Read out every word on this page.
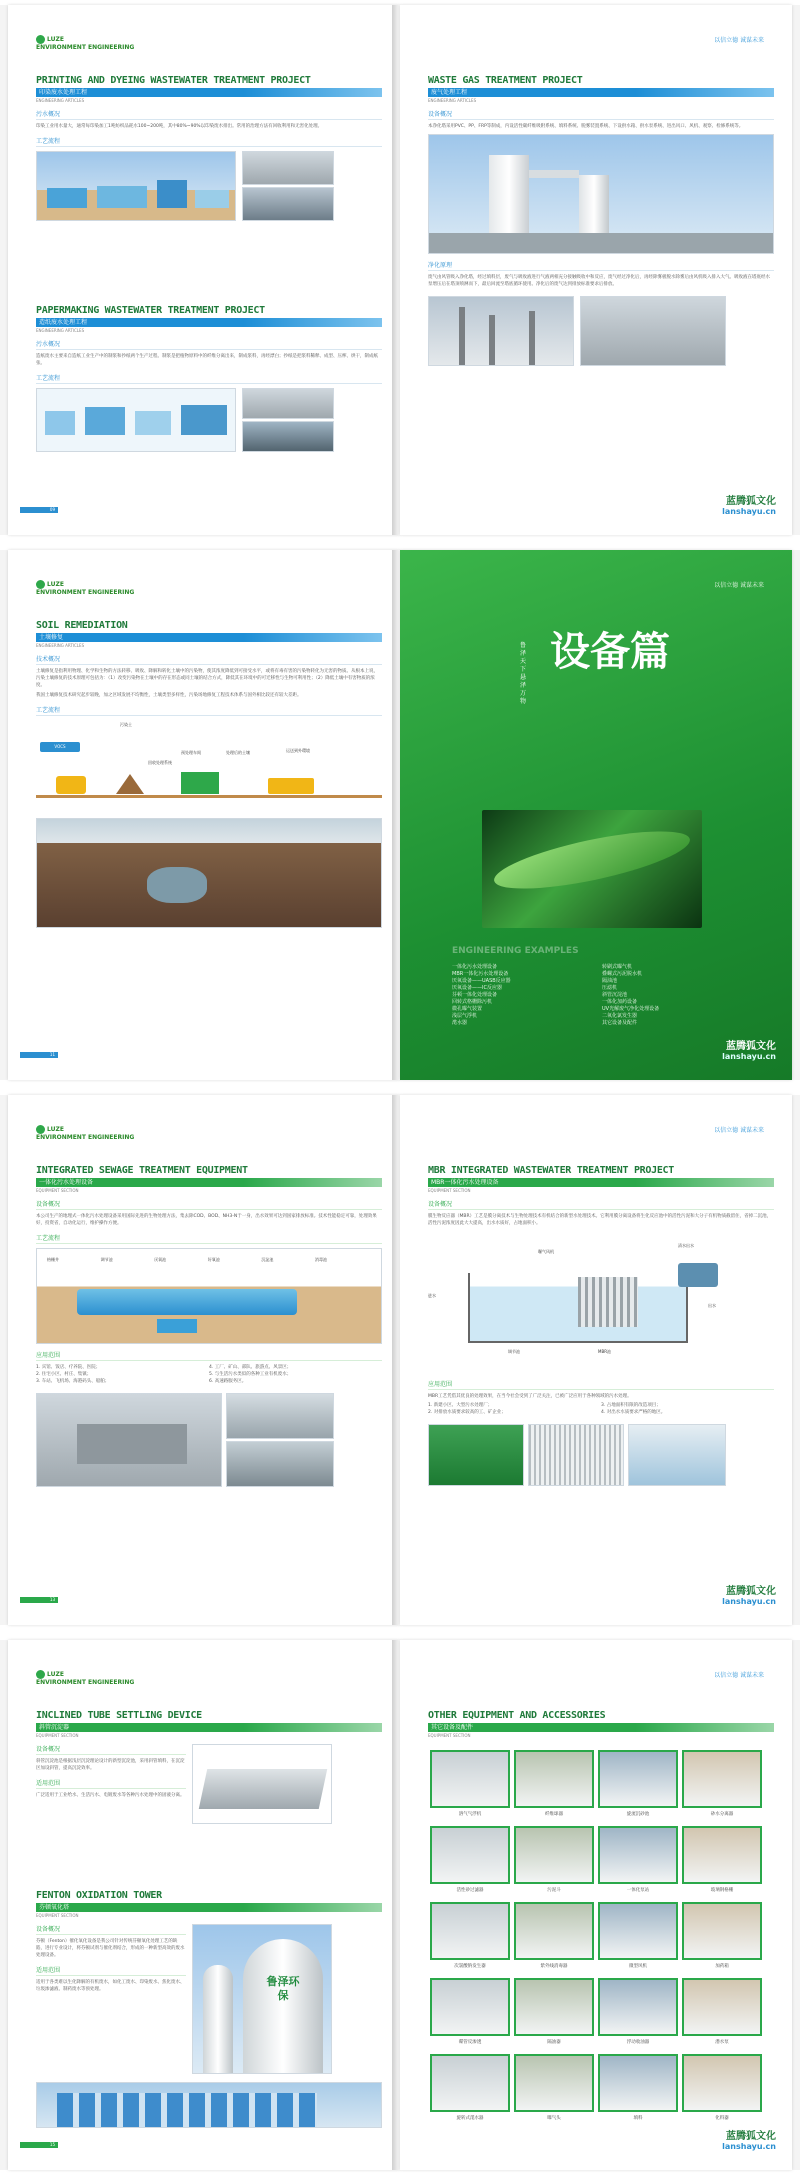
LUZE
ENVIRONMENT ENGINEERING
PRINTING AND DYEING WASTEWATER TREATMENT PROJECT
印染废水处理工程
ENGINEERING ARTICLES
污水概况
印染工业用水量大，通常每印染加工1吨纺织品耗水100~200吨，其中80%~90%以印染废水排出。常用的治理方法有回收利用和无害化处理。
工艺流程
PAPERMAKING WASTEWATER TREATMENT PROJECT
造纸废水处理工程
ENGINEERING ARTICLES
污水概况
造纸废水主要来自造纸工业生产中的制浆和抄纸两个生产过程。制浆是把植物原料中的纤维分离出来，制成浆料，再经漂白；抄纸是把浆料稀释、成型、压榨、烘干，制成纸张。
工艺流程
09
以信立德 诚谋未来
WASTE GAS TREATMENT PROJECT
废气处理工程
ENGINEERING ARTICLES
设备概况
本净化塔采用PVC、PP、FRP等制成，内设活性碳纤维吸附系统、填料系统、脱雾装置系统、下设供水箱、供水泵系统、进出风口、风机、观察、检修系统等。
净化原理
废气由风管吸入净化塔，经过填料层，废气与吸收液进行气液两相充分接触吸收中和反应，废气经过净化后，再经除雾板脱水除雾后由风机吸入排入大气。吸收液在塔底经水泵增压后在塔顶喷淋而下，最后回流至塔底循环使用。净化后的废气达到排放标准要求后排放。
蓝腾狐文化
lanshayu.cn
LUZE
ENVIRONMENT ENGINEERING
SOIL REMEDIATION
土壤修复
ENGINEERING ARTICLES
技术概况
土壤修复是指利用物理、化学和生物的方法转移、吸收、降解和转化土壤中的污染物，使其浓度降低到可接受水平，或将有毒有害的污染物转化为无害的物质。从根本上说，污染土壤修复的技术原理可包括为：（1）改变污染物在土壤中的存在形态或同土壤的结合方式，降低其在环境中的可迁移性与生物可利用性；（2）降低土壤中有害物质的浓度。
我国土壤修复技术研究起步较晚，加之区域发展不均衡性，土壤类型多样性，污染场地修复工程技术体系与国外相比较还有较大差距。
工艺流程
VOCS
污染土
回收处理系统
预处理车间	处理后的土壤	运送到外環境
11
以信立德 诚谋未来
设备篇
鲁泽天下 悬泽万物
ENGINEERING EXAMPLES
一体化污水处理设备
MBR一体化污水处理设备
厌氧设备——UASB反应器
厌氧设备——IC反应器
芬顿一体化处理设备
回转式格栅除污机
微孔曝气装置
浅层气浮机
滗水器
转刷式曝气机
叠螺式污泥脱水机
隔油池
压滤机
斜管沉淀池
一体化加药设备
UV光解废气净化处理设备
二氧化氯发生器
其它设备及配件
蓝腾狐文化
lanshayu.cn
LUZE
ENVIRONMENT ENGINEERING
INTEGRATED SEWAGE TREATMENT EQUIPMENT
一体化污水处理设备
EQUIPMENT SECTION
设备概况
本公司生产的地埋式一体化污水处理设备采用国际先进的生物处理方法，集去除COD、BOD、NH3-N于一身，出水效果可达到国家排放标准。技术性能稳定可靠，处理效果好，投资省，自动化运行，维护操作方便。
工艺流程
格栅井	调节池	厌氧池	好氧池	沉淀池	消毒池
应用范围
1. 宾馆、饭店、疗养院、医院；	4. 工厂、矿山、部队、旅游点、风景区；
2. 住宅小区、村庄、集镇；	5. 与生活污水类似的各种工业有机废水；
3. 车站、飞机场、海港码头、船舶；	6. 高速路服务区。
13
以信立德 诚谋未来
MBR INTEGRATED WASTEWATER TREATMENT PROJECT
MBR一体化污水处理设备
EQUIPMENT SECTION
设备概况
膜生物反应器（MBR）工艺是膜分离技术与生物处理技术有机结合的新型水处理技术。它利用膜分离设备将生化反应池中的活性污泥和大分子有机物质截留住，省掉二沉池，活性污泥浓度因此大大提高，出水水质好，占地面积小。
进水
调节池
曝气风机
MBR池
清水出水
出水
应用范围
MBR工艺凭借其优良的处理效果，在当今社会受到了广泛关注，已被广泛应用于各种领域的污水处理。
1. 新建小区、大型污水处理厂；	3. 占地面积有限的改造项目；
2. 对排放水质要求较高的工、矿企业；	4. 对出水水质要求严格的地区。
蓝腾狐文化
lanshayu.cn
LUZE
ENVIRONMENT ENGINEERING
INCLINED TUBE SETTLING DEVICE
斜管沉淀器
EQUIPMENT SECTION
设备概况
斜管沉淀池是根据浅层沉淀理论设计的新型沉淀池，采用斜管填料，在沉淀区加设斜管，提高沉淀效率。
适用范围
广泛适用于工业给水、生活污水、电镀废水等各种污水处理中的固液分离。
FENTON OXIDATION TOWER
芬顿氧化塔
EQUIPMENT SECTION
设备概况
芬顿（Fenton）催化氧化设备是我公司针对传统芬顿氧化处理工艺的缺陷，进行专业设计，将芬顿试剂与催化剂结合，形成的一种新型高效的废水处理设备。
适用范围
适用于各类难以生化降解的有机废水，如化工废水、印染废水、焦化废水、垃圾渗滤液、制药废水等预处理。
鲁泽环保
15
以信立德 诚谋未来
OTHER EQUIPMENT AND ACCESSORIES
其它设备及配件
EQUIPMENT SECTION
溶气气浮机	纤维球器	旋流沉砂池	砂水分离器
活性砂过滤器	污泥斗	一体化泵站	玻璃钢格栅
次氯酸钠发生器	紫外线消毒器	微型风机	加药箱
碟管反渗透	隔油器	浮动收油器	潜水泵
旋转式滗水器	曝气头	填料	化料器
蓝腾狐文化
lanshayu.cn
